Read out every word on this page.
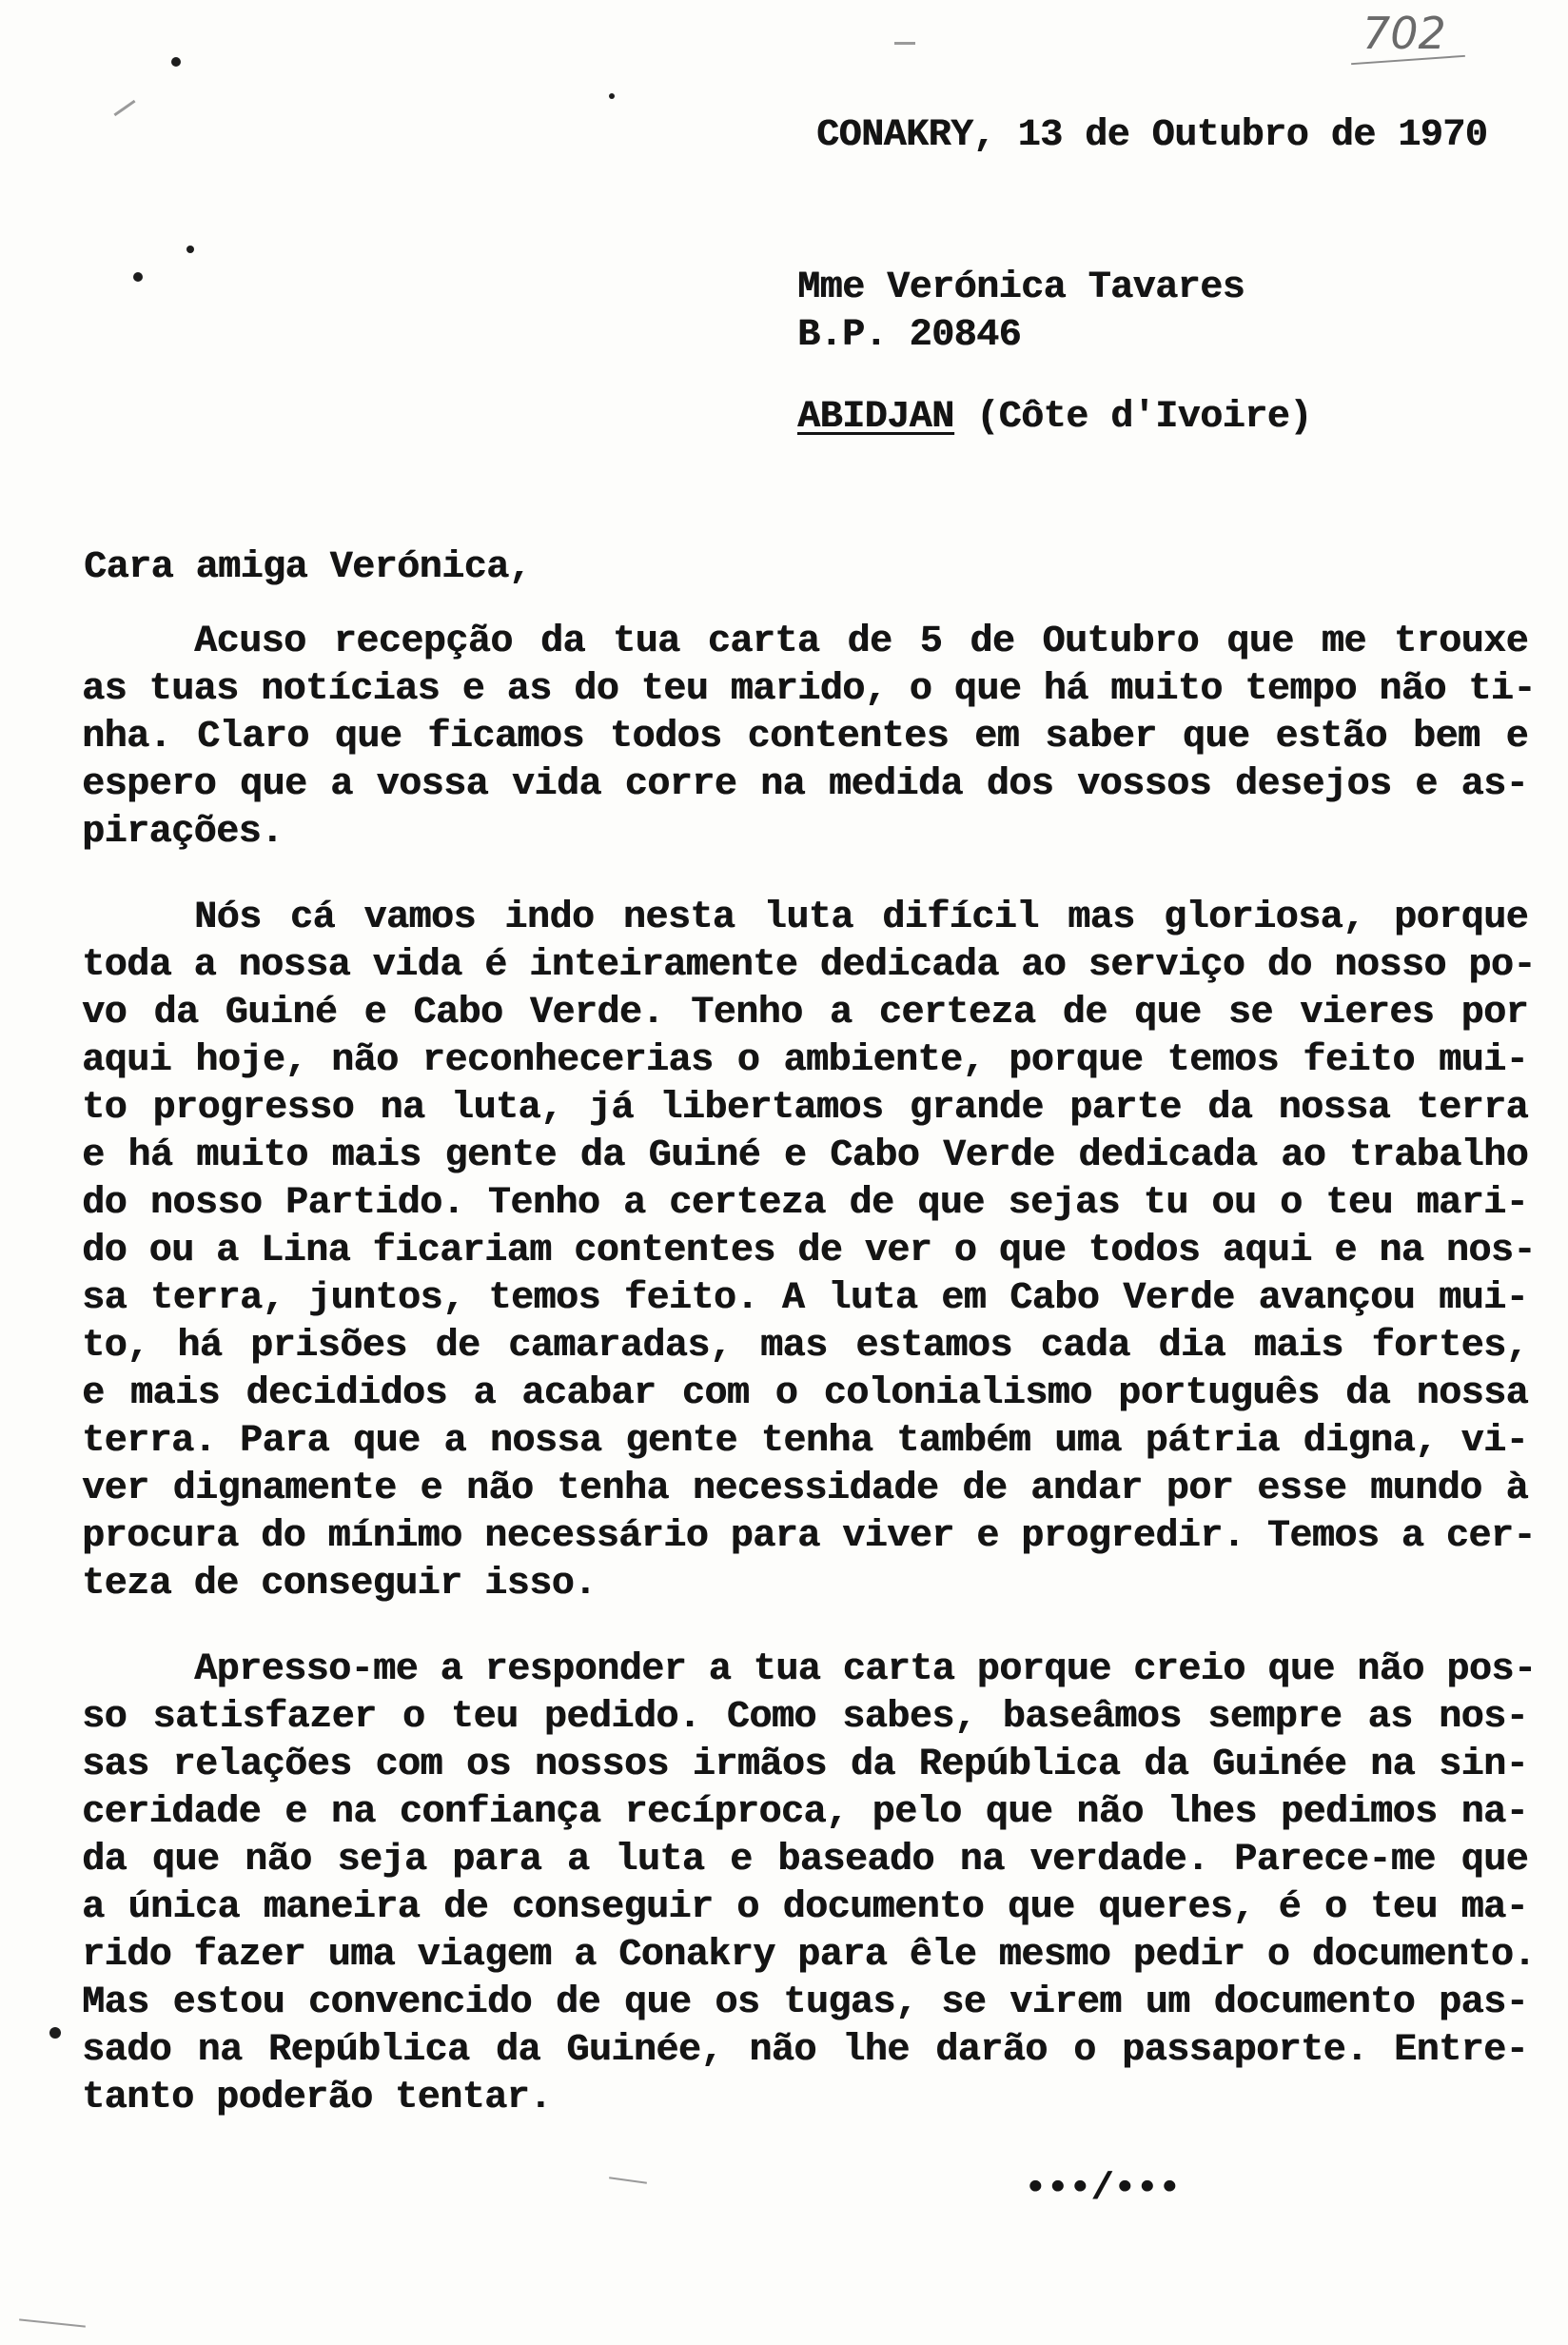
702
CONAKRY, 13 de Outubro de 1970
Mme Verónica Tavares
B.P. 20846
ABIDJAN (Côte d'Ivoire)
Cara amiga Verónica,
Acuso recepção da tua carta de 5 de Outubro que me trouxe
as tuas notícias e as do teu marido, o que há muito tempo não ti-
nha. Claro que ficamos todos contentes em saber que estão bem e
espero que a vossa vida corre na medida dos vossos desejos e as-
pirações.
Nós cá vamos indo nesta luta difícil mas gloriosa, porque
toda a nossa vida é inteiramente dedicada ao serviço do nosso po-
vo da Guiné e Cabo Verde. Tenho a certeza de que se vieres por
aqui hoje, não reconhecerias o ambiente, porque temos feito mui-
to progresso na luta, já libertamos grande parte da nossa terra
e há muito mais gente da Guiné e Cabo Verde dedicada ao trabalho
do nosso Partido. Tenho a certeza de que sejas tu ou o teu mari-
do ou a Lina ficariam contentes de ver o que todos aqui e na nos-
sa terra, juntos, temos feito. A luta em Cabo Verde avançou mui-
to, há prisões de camaradas, mas estamos cada dia mais fortes,
e mais decididos a acabar com o colonialismo português da nossa
terra. Para que a nossa gente tenha também uma pátria digna, vi-
ver dignamente e não tenha necessidade de andar por esse mundo à
procura do mínimo necessário para viver e progredir. Temos a cer-
teza de conseguir isso.
Apresso-me a responder a tua carta porque creio que não pos-
so satisfazer o teu pedido. Como sabes, baseâmos sempre as nos-
sas relações com os nossos irmãos da República da Guinée na sin-
ceridade e na confiança recíproca, pelo que não lhes pedimos na-
da que não seja para a luta e baseado na verdade. Parece-me que
a única maneira de conseguir o documento que queres, é o teu ma-
rido fazer uma viagem a Conakry para êle mesmo pedir o documento.
Mas estou convencido de que os tugas, se virem um documento pas-
sado na República da Guinée, não lhe darão o passaporte. Entre-
tanto poderão tentar.
•••/•••
